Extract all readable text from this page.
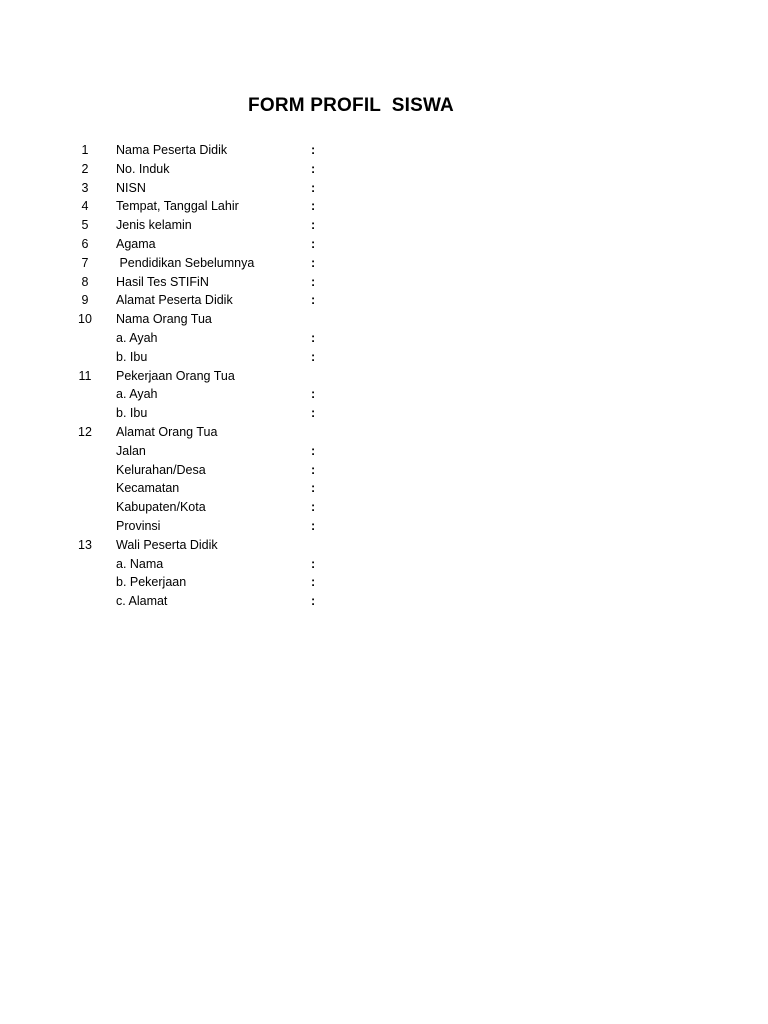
FORM PROFIL  SISWA
1	Nama Peserta Didik	:
2	No. Induk	:
3	NISN	:
4	Tempat, Tanggal Lahir	:
5	Jenis kelamin	:
6	Agama	:
7	Pendidikan Sebelumnya	:
8	Hasil Tes STIFiN	:
9	Alamat Peserta Didik	:
10	Nama Orang Tua
a. Ayah	:
b. Ibu	:
11	Pekerjaan Orang Tua
a. Ayah	:
b. Ibu	:
12	Alamat Orang Tua
Jalan	:
Kelurahan/Desa	:
Kecamatan	:
Kabupaten/Kota	:
Provinsi	:
13	Wali Peserta Didik
a. Nama	:
b. Pekerjaan	:
c. Alamat	:
